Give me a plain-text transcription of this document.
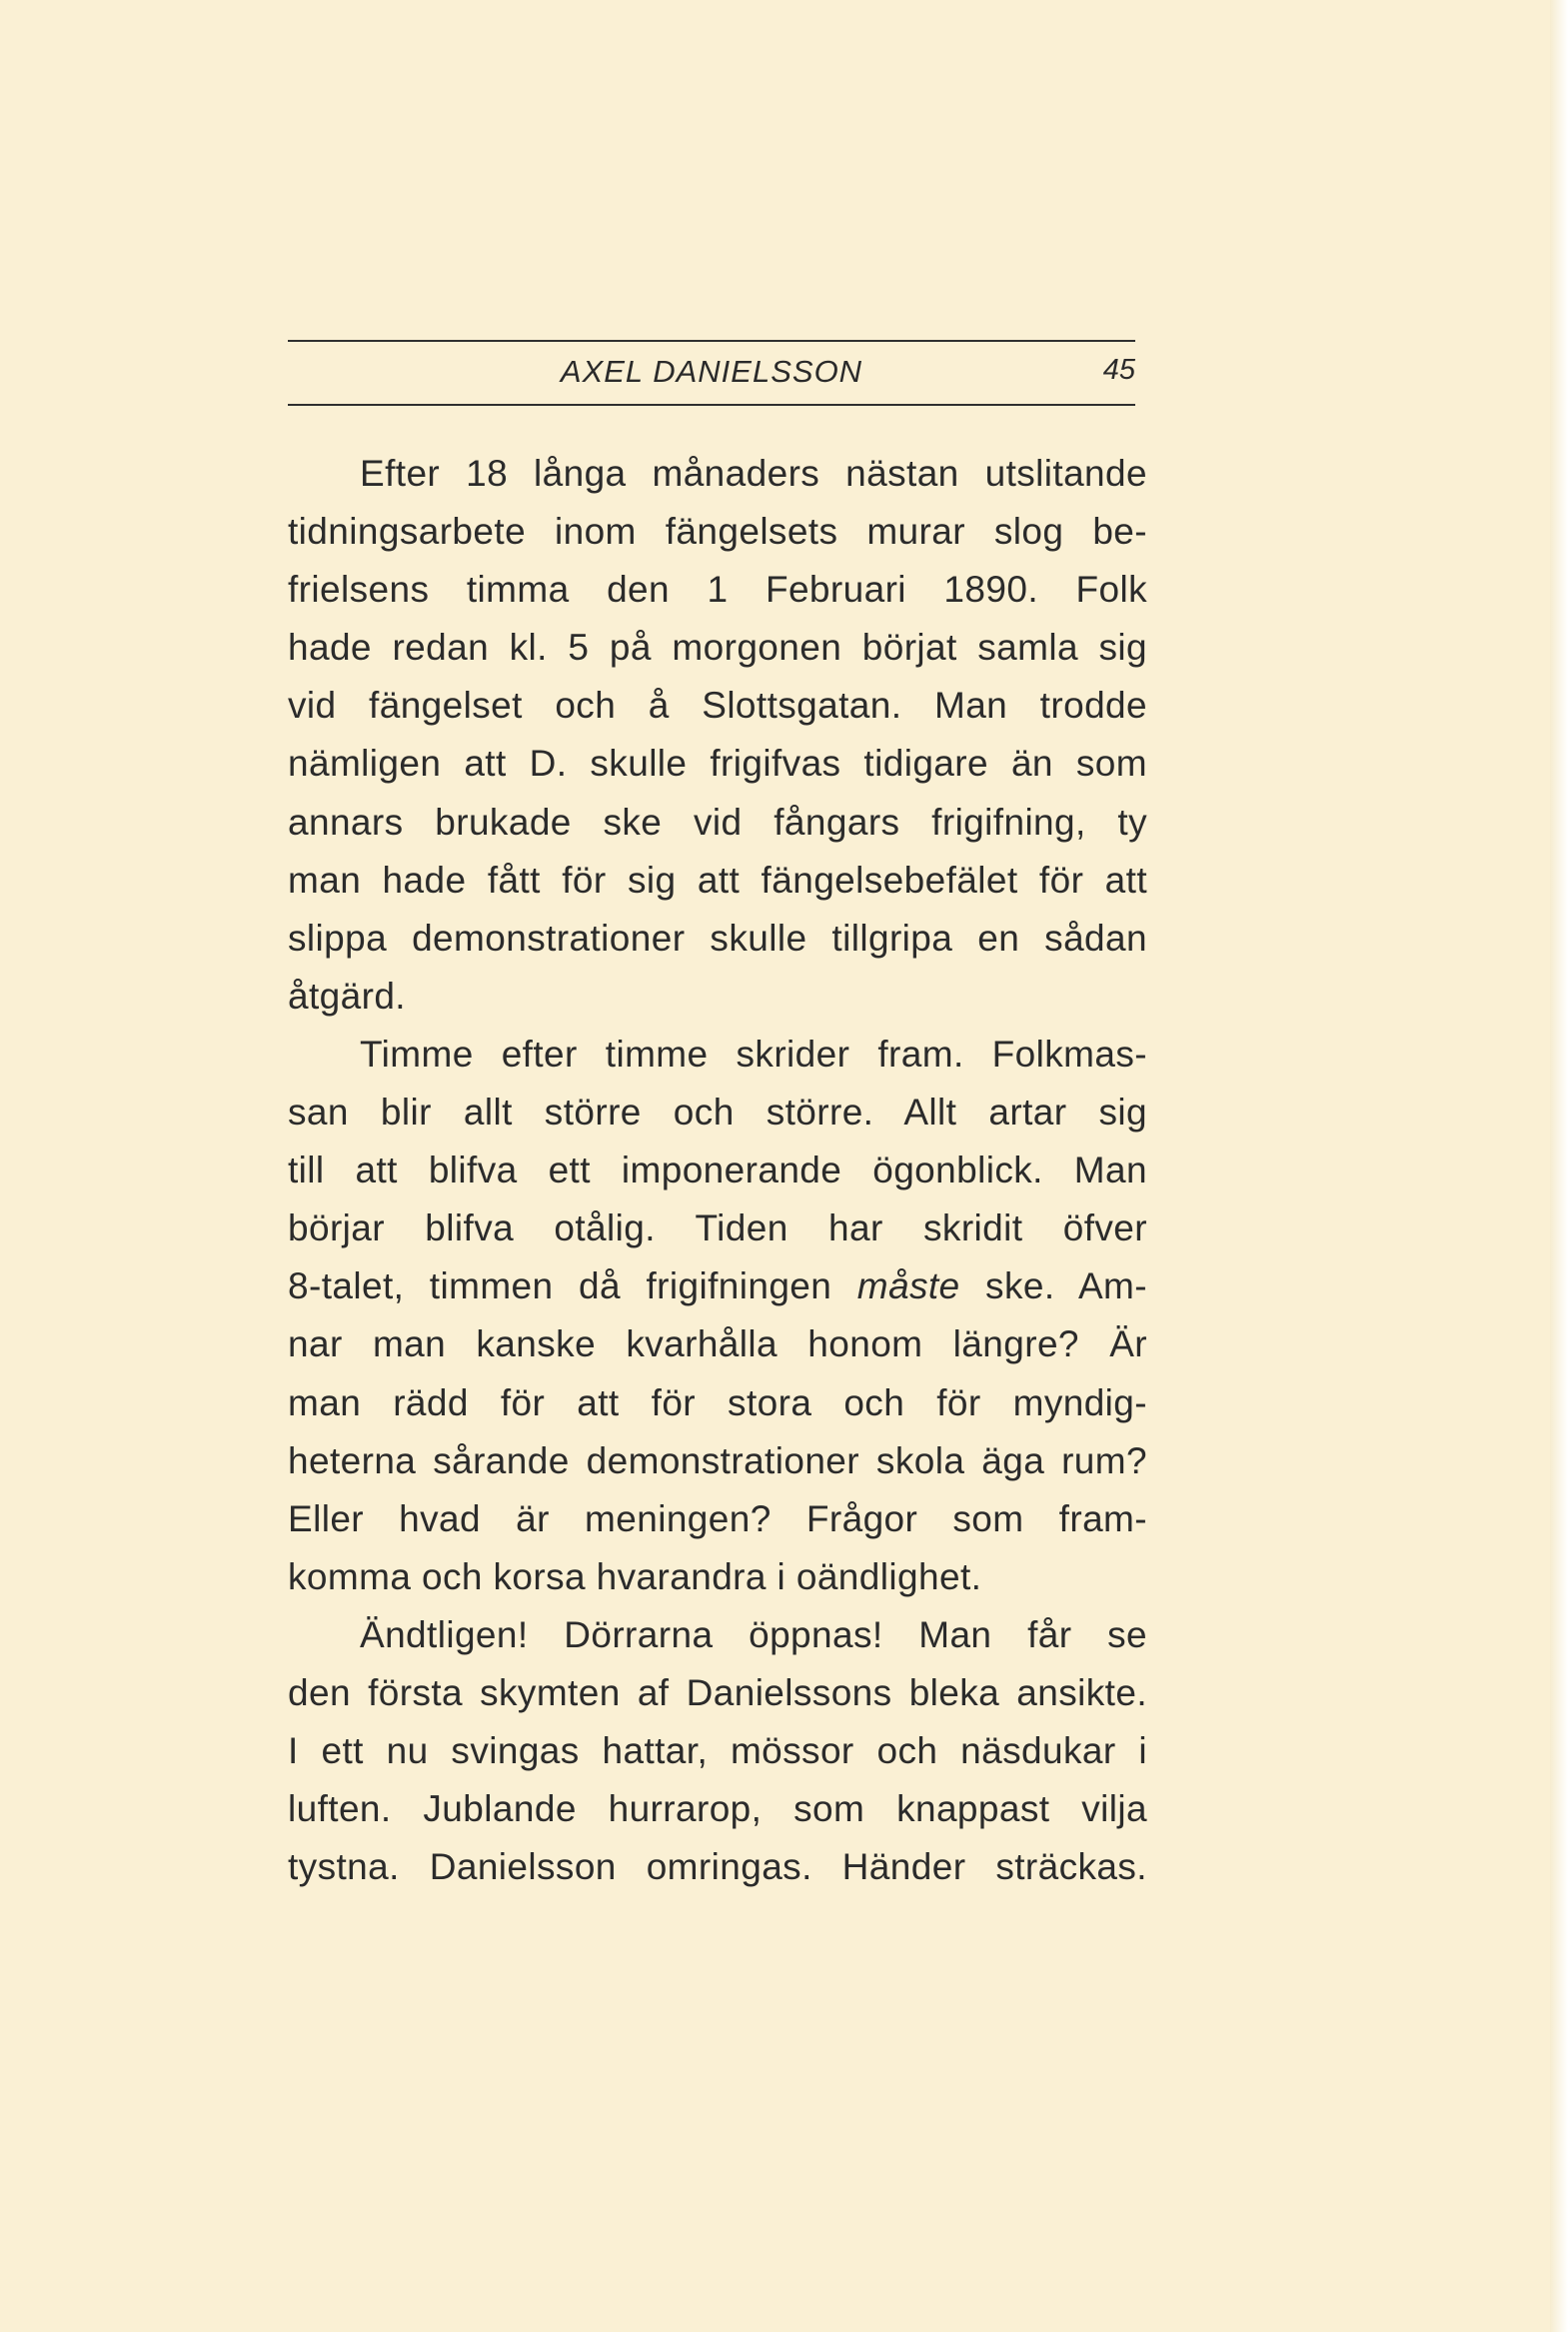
AXEL DANIELSSON	45
Efter 18 långa månaders nästan utslitande
tidningsarbete inom fängelsets murar slog be-
frielsens timma den 1 Februari 1890. Folk
hade redan kl. 5 på morgonen börjat samla sig
vid fängelset och å Slottsgatan. Man trodde
nämligen att D. skulle frigifvas tidigare än som
annars brukade ske vid fångars frigifning, ty
man hade fått för sig att fängelsebefälet för att
slippa demonstrationer skulle tillgripa en sådan
åtgärd.
Timme efter timme skrider fram. Folkmas-
san blir allt större och större. Allt artar sig
till att blifva ett imponerande ögonblick. Man
börjar blifva otålig. Tiden har skridit öfver
8-talet, timmen då frigifningen måste ske. Am-
nar man kanske kvarhålla honom längre? Är
man rädd för att för stora och för myndig-
heterna sårande demonstrationer skola äga rum?
Eller hvad är meningen? Frågor som fram-
komma och korsa hvarandra i oändlighet.
Ändtligen! Dörrarna öppnas! Man får se
den första skymten af Danielssons bleka ansikte.
I ett nu svingas hattar, mössor och näsdukar i
luften. Jublande hurrarop, som knappast vilja
tystna. Danielsson omringas. Händer sträckas.
